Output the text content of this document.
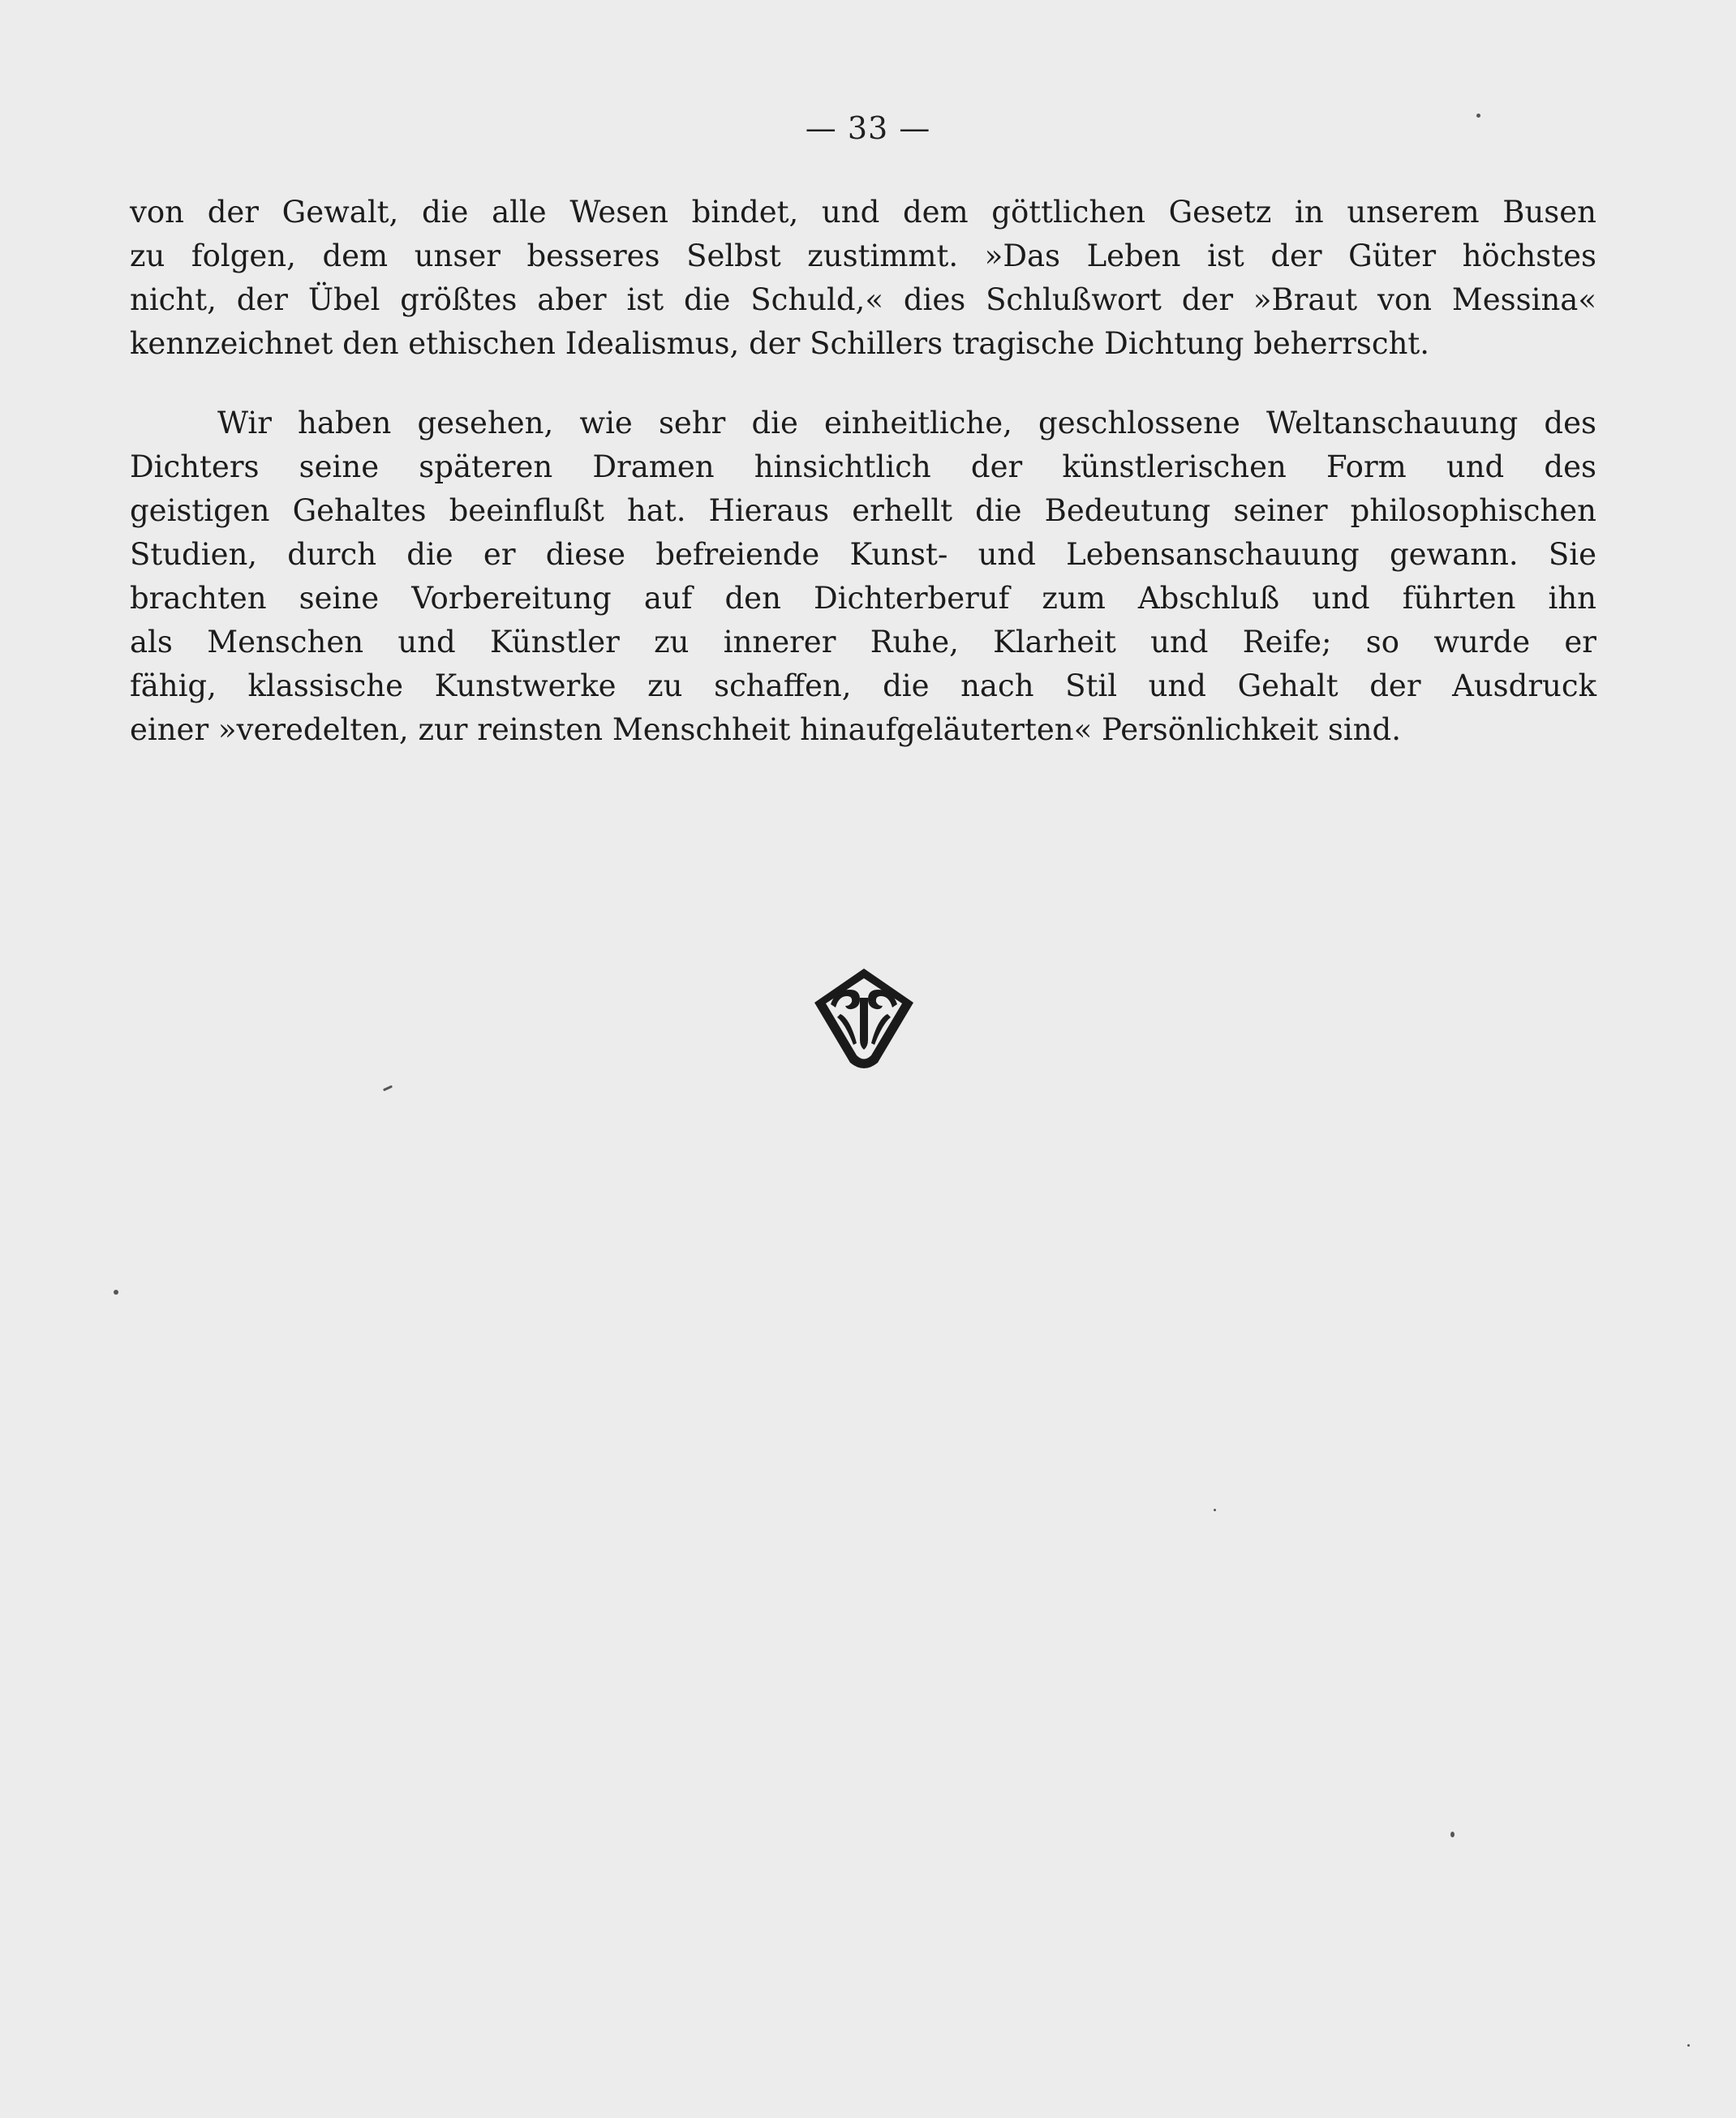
— 33 —

von der Gewalt, die alle Wesen bindet, und dem göttlichen Gesetz in unserem Busen
zu folgen, dem unser besseres Selbst zustimmt. »Das Leben ist der Güter höchstes
nicht, der Übel größtes aber ist die Schuld,« dies Schlußwort der »Braut von Messina«
kennzeichnet den ethischen Idealismus, der Schillers tragische Dichtung beherrscht.

Wir haben gesehen, wie sehr die einheitliche, geschlossene Weltanschauung des
Dichters seine späteren Dramen hinsichtlich der künstlerischen Form und des
geistigen Gehaltes beeinflußt hat. Hieraus erhellt die Bedeutung seiner philosophischen
Studien, durch die er diese befreiende Kunst- und Lebensanschauung gewann. Sie
brachten seine Vorbereitung auf den Dichterberuf zum Abschluß und führten ihn
als Menschen und Künstler zu innerer Ruhe, Klarheit und Reife; so wurde er
fähig, klassische Kunstwerke zu schaffen, die nach Stil und Gehalt der Ausdruck
einer »veredelten, zur reinsten Menschheit hinaufgeläuterten« Persönlichkeit sind.
